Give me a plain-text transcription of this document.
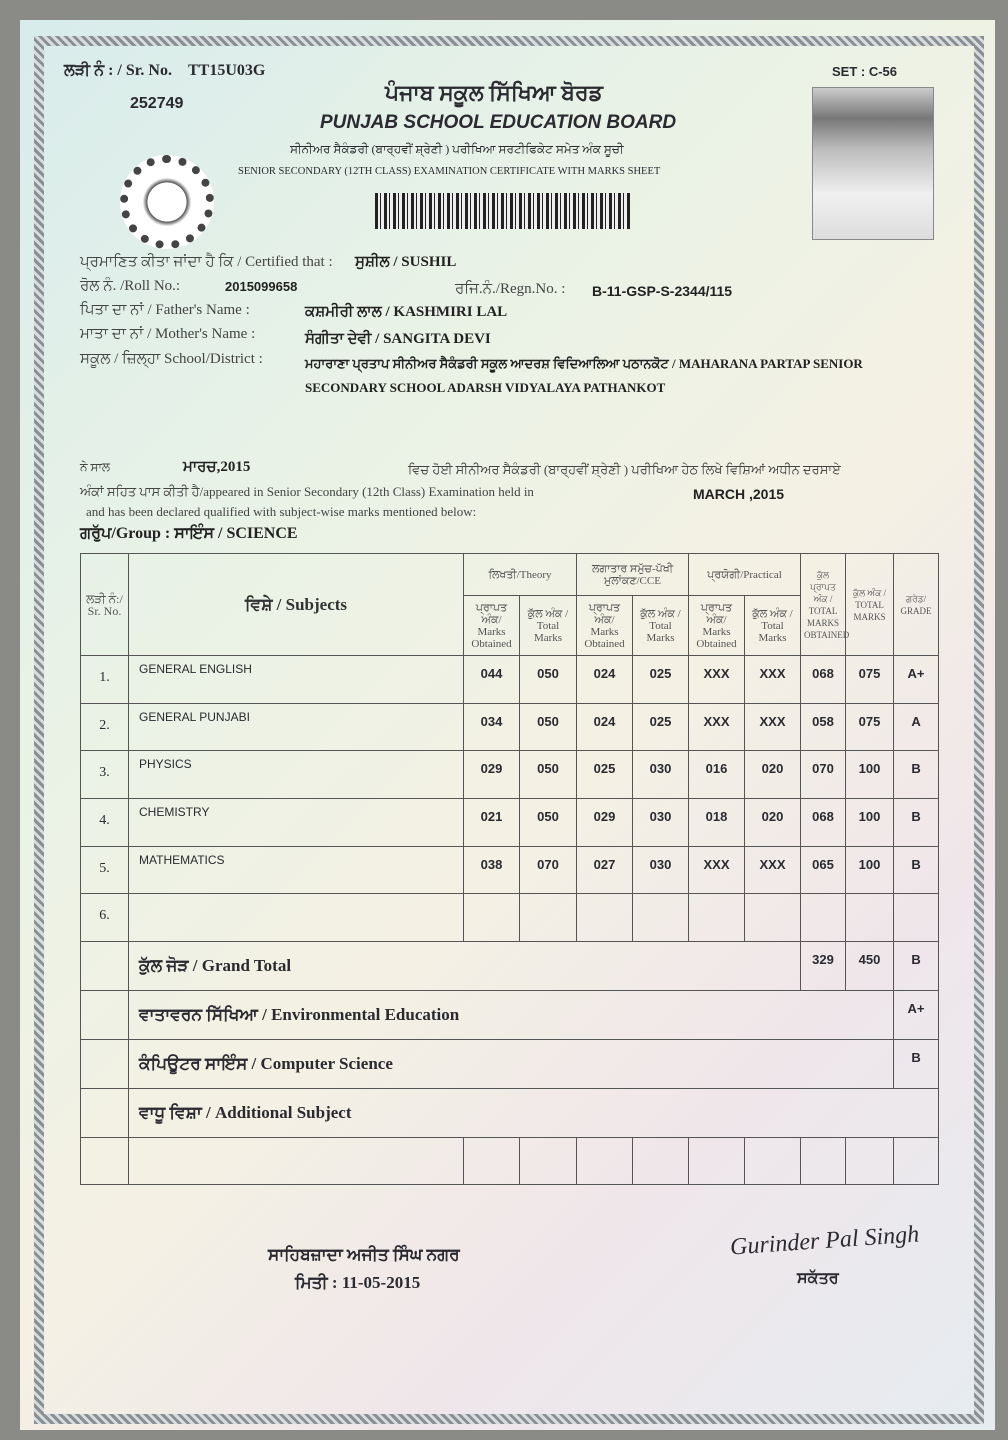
ਲੜੀ ਨੰ : / Sr. No. TT15U03G	SET : C-56
252749	ਪੰਜਾਬ ਸਕੂਲ ਸਿੱਖਿਆ ਬੋਰਡ
PUNJAB SCHOOL EDUCATION BOARD
ਸੀਨੀਅਰ ਸੈਕੰਡਰੀ (ਬਾਰ੍ਹਵੀਂ ਸ਼੍ਰੇਣੀ ) ਪਰੀਖਿਆ ਸਰਟੀਫਿਕੇਟ ਸਮੇਤ ਅੰਕ ਸੂਚੀ
SENIOR SECONDARY (12TH CLASS) EXAMINATION CERTIFICATE WITH MARKS SHEET
ਪ੍ਰਮਾਣਿਤ ਕੀਤਾ ਜਾਂਦਾ ਹੈ ਕਿ / Certified that : ਸੁਸ਼ੀਲ / SUSHIL
ਰੋਲ ਨੰ. /Roll No.:	2015099658	ਰਜਿ.ਨੰ./Regn.No. : B-11-GSP-S-2344/115
ਪਿਤਾ ਦਾ ਨਾਂ / Father's Name :	ਕਸ਼ਮੀਰੀ ਲਾਲ / KASHMIRI LAL
ਮਾਤਾ ਦਾ ਨਾਂ / Mother's Name :	ਸੰਗੀਤਾ ਦੇਵੀ / SANGITA DEVI
ਸਕੂਲ / ਜ਼ਿਲ੍ਹਾ School/District :	ਮਹਾਰਾਣਾ ਪ੍ਰਤਾਪ ਸੀਨੀਅਰ ਸੈਕੰਡਰੀ ਸਕੂਲ ਆਦਰਸ਼ ਵਿਦਿਆਲਿਆ ਪਠਾਨਕੋਟ / MAHARANA PARTAP SENIOR
SECONDARY SCHOOL ADARSH VIDYALAYA PATHANKOT
ਨੇ ਸਾਲ	ਮਾਰਚ,2015	ਵਿਚ ਹੋਈ ਸੀਨੀਅਰ ਸੈਕੰਡਰੀ (ਬਾਰ੍ਹਵੀਂ ਸ਼੍ਰੇਣੀ ) ਪਰੀਖਿਆ ਹੇਠ ਲਿਖੇ ਵਿਸ਼ਿਆਂ ਅਧੀਨ ਦਰਸਾਏ
ਅੰਕਾਂ ਸਹਿਤ ਪਾਸ ਕੀਤੀ ਹੈ/appeared in Senior Secondary (12th Class) Examination held in	MARCH ,2015
and has been declared qualified with subject-wise marks mentioned below:
ਗਰੁੱਪ/Group : ਸਾਇੰਸ / SCIENCE
ਲੜੀ ਨੰ:/ Sr. No.	ਵਿਸ਼ੇ / Subjects	ਲਿਖਤੀ/Theory		ਲਗਾਤਾਰ ਸਮੁੱਚ-ਪੱਖੀ ਮੁਲਾਂਕਣ/CCE		ਪ੍ਰਯੋਗੀ/Practical		ਕੁੱਲ ਪ੍ਰਾਪਤ ਅੰਕ / TOTAL MARKS OBTAINED	ਕੁੱਲ ਅੰਕ / TOTAL MARKS	ਗਰੇਡ/ GRADE
		ਪ੍ਰਾਪਤ ਅੰਕ/ Marks Obtained	ਕੁੱਲ ਅੰਕ / Total Marks	ਪ੍ਰਾਪਤ ਅੰਕ/ Marks Obtained	ਕੁੱਲ ਅੰਕ / Total Marks	ਪ੍ਰਾਪਤ ਅੰਕ/ Marks Obtained	ਕੁੱਲ ਅੰਕ / Total Marks			
1.	GENERAL ENGLISH	044	050	024	025	XXX	XXX	068	075	A+
2.	GENERAL PUNJABI	034	050	024	025	XXX	XXX	058	075	A
3.	PHYSICS	029	050	025	030	016	020	070	100	B
4.	CHEMISTRY	021	050	029	030	018	020	068	100	B
5.	MATHEMATICS	038	070	027	030	XXX	XXX	065	100	B
6.										
	ਕੁੱਲ ਜੋੜ / Grand Total							329	450	B
	ਵਾਤਾਵਰਨ ਸਿੱਖਿਆ / Environmental Education									A+
	ਕੰਪਿਊਟਰ ਸਾਇੰਸ / Computer Science									B
	ਵਾਧੂ ਵਿਸ਼ਾ / Additional Subject									

ਸਾਹਿਬਜ਼ਾਦਾ ਅਜੀਤ ਸਿੰਘ ਨਗਰ
ਮਿਤੀ : 11-05-2015
Gurinder Pal Singh
ਸਕੱਤਰ
